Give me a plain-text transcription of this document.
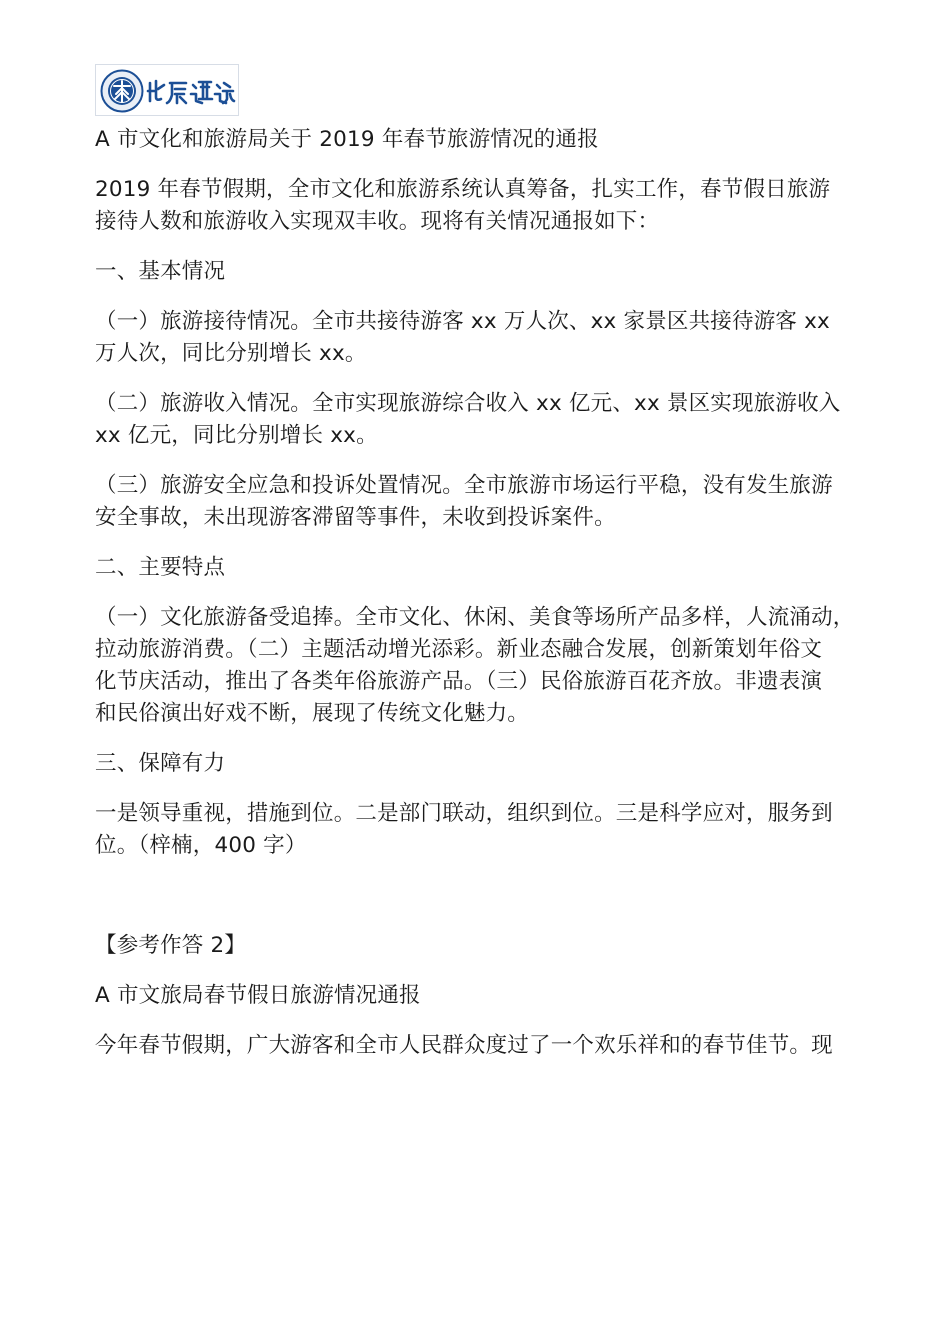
A 市文化和旅游局关于 2019 年春节旅游情况的通报
2019 年春节假期，全市文化和旅游系统认真筹备，扎实工作，春节假日旅游
接待人数和旅游收入实现双丰收。现将有关情况通报如下：
一、基本情况
（一）旅游接待情况。全市共接待游客 xx 万人次、xx 家景区共接待游客 xx
万人次，同比分别增长 xx。
（二）旅游收入情况。全市实现旅游综合收入 xx 亿元、xx 景区实现旅游收入
xx 亿元，同比分别增长 xx。
（三）旅游安全应急和投诉处置情况。全市旅游市场运行平稳，没有发生旅游
安全事故，未出现游客滞留等事件，未收到投诉案件。
二、主要特点
（一）文化旅游备受追捧。全市文化、休闲、美食等场所产品多样，人流涌动，
拉动旅游消费。（二）主题活动增光添彩。新业态融合发展，创新策划年俗文
化节庆活动，推出了各类年俗旅游产品。（三）民俗旅游百花齐放。非遗表演
和民俗演出好戏不断，展现了传统文化魅力。
三、保障有力
一是领导重视，措施到位。二是部门联动，组织到位。三是科学应对，服务到
位。（梓楠，400 字）
【参考作答 2】
A 市文旅局春节假日旅游情况通报
今年春节假期，广大游客和全市人民群众度过了一个欢乐祥和的春节佳节。现
